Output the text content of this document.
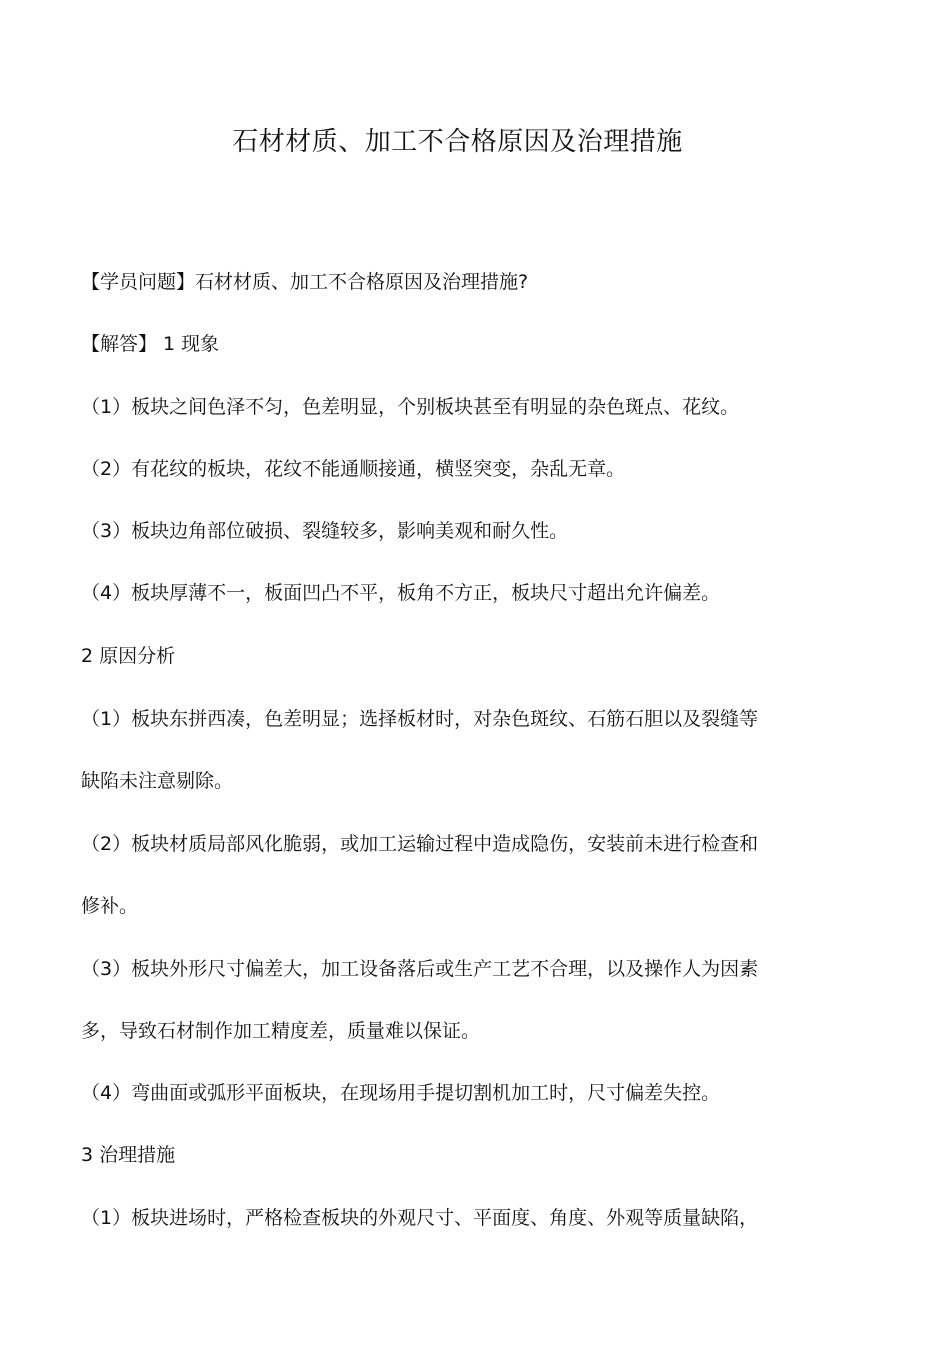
石材材质、加工不合格原因及治理措施
【学员问题】石材材质、加工不合格原因及治理措施?
【解答】 1 现象
（1）板块之间色泽不匀，色差明显，个别板块甚至有明显的杂色斑点、花纹。
（2）有花纹的板块，花纹不能通顺接通，横竖突变，杂乱无章。
（3）板块边角部位破损、裂缝较多，影响美观和耐久性。
（4）板块厚薄不一，板面凹凸不平，板角不方正，板块尺寸超出允许偏差。
2 原因分析
（1）板块东拼西凑，色差明显；选择板材时，对杂色斑纹、石筋石胆以及裂缝等
缺陷未注意剔除。
（2）板块材质局部风化脆弱，或加工运输过程中造成隐伤，安装前未进行检查和
修补。
（3）板块外形尺寸偏差大，加工设备落后或生产工艺不合理，以及操作人为因素
多，导致石材制作加工精度差，质量难以保证。
（4）弯曲面或弧形平面板块，在现场用手提切割机加工时，尺寸偏差失控。
3 治理措施
（1）板块进场时，严格检查板块的外观尺寸、平面度、角度、外观等质量缺陷，
